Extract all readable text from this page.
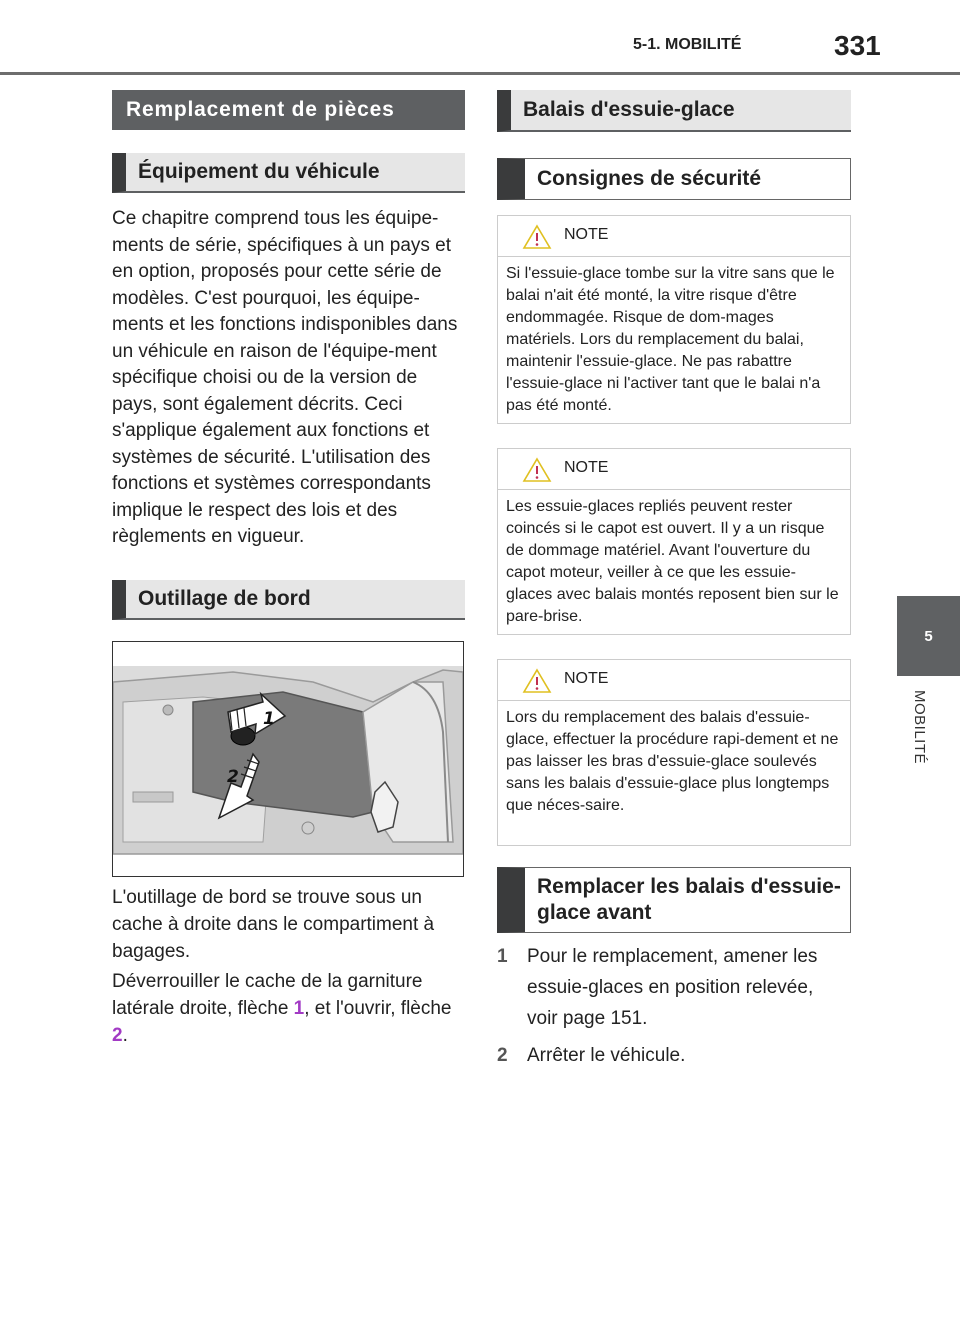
5-1. MOBILITÉ	331
5
MOBILITÉ
Remplacement de pièces
Équipement du véhicule

Ce chapitre comprend tous les équipe-ments de série, spécifiques à un pays et en option, proposés pour cette série de modèles. C'est pourquoi, les équipe-ments et les fonctions indisponibles dans un véhicule en raison de l'équipe-ment spécifique choisi ou de la version de pays, sont également décrits. Ceci s'applique également aux fonctions et systèmes de sécurité. L'utilisation des fonctions et systèmes correspondants implique le respect des lois et des règlements en vigueur.

Outillage de bord
1
2

L'outillage de bord se trouve sous un cache à droite dans le compartiment à bagages.

Déverrouiller le cache de la garniture latérale droite, flèche 1, et l'ouvrir, flèche 2.

Balais d'essuie-glace
Consignes de sécurité
NOTE
Si l'essuie-glace tombe sur la vitre sans que le balai n'ait été monté, la vitre risque d'être endommagée. Risque de dom-mages matériels. Lors du remplacement du balai, maintenir l'essuie-glace. Ne pas rabattre l'essuie-glace ni l'activer tant que le balai n'a pas été monté.
NOTE
Les essuie-glaces repliés peuvent rester coincés si le capot est ouvert. Il y a un risque de dommage matériel. Avant l'ouverture du capot moteur, veiller à ce que les essuie-glaces avec balais montés reposent bien sur le pare-brise.
NOTE
Lors du remplacement des balais d'essuie-glace, effectuer la procédure rapi-dement et ne pas laisser les bras d'essuie-glace soulevés sans les balais d'essuie-glace plus longtemps que néces-saire.
Remplacer les balais d'essuie-glace avant
1 Pour le remplacement, amener les essuie-glaces en position relevée, voir page 151.
2 Arrêter le véhicule.
